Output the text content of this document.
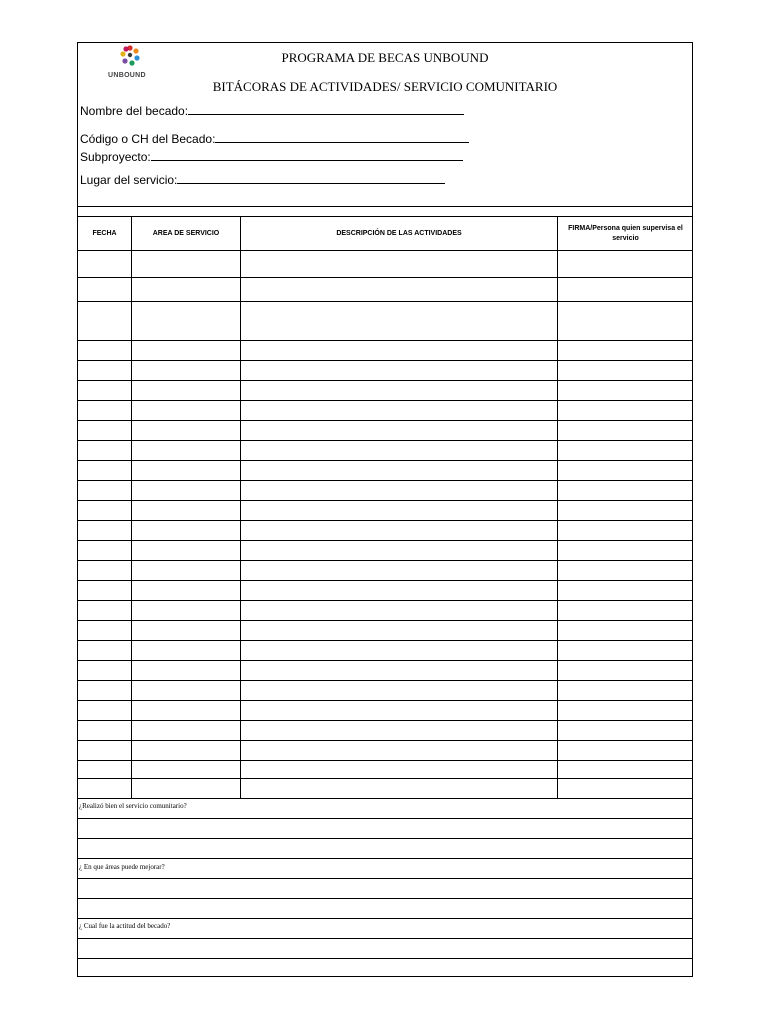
UNBOUND
PROGRAMA DE BECAS UNBOUND
BITÁCORAS DE ACTIVIDADES/ SERVICIO COMUNITARIO
Nombre del becado:
Código o CH del Becado:
Subproyecto:
Lugar del servicio:
FECHA	AREA DE SERVICIO	DESCRIPCIÓN DE LAS ACTIVIDADES
FIRMA/Persona quien supervisa el servicio
¿Realizó bien el servicio comunitario?
¿ En que áreas puede mejorar?
¿ Cual fue la actitud del becado?
